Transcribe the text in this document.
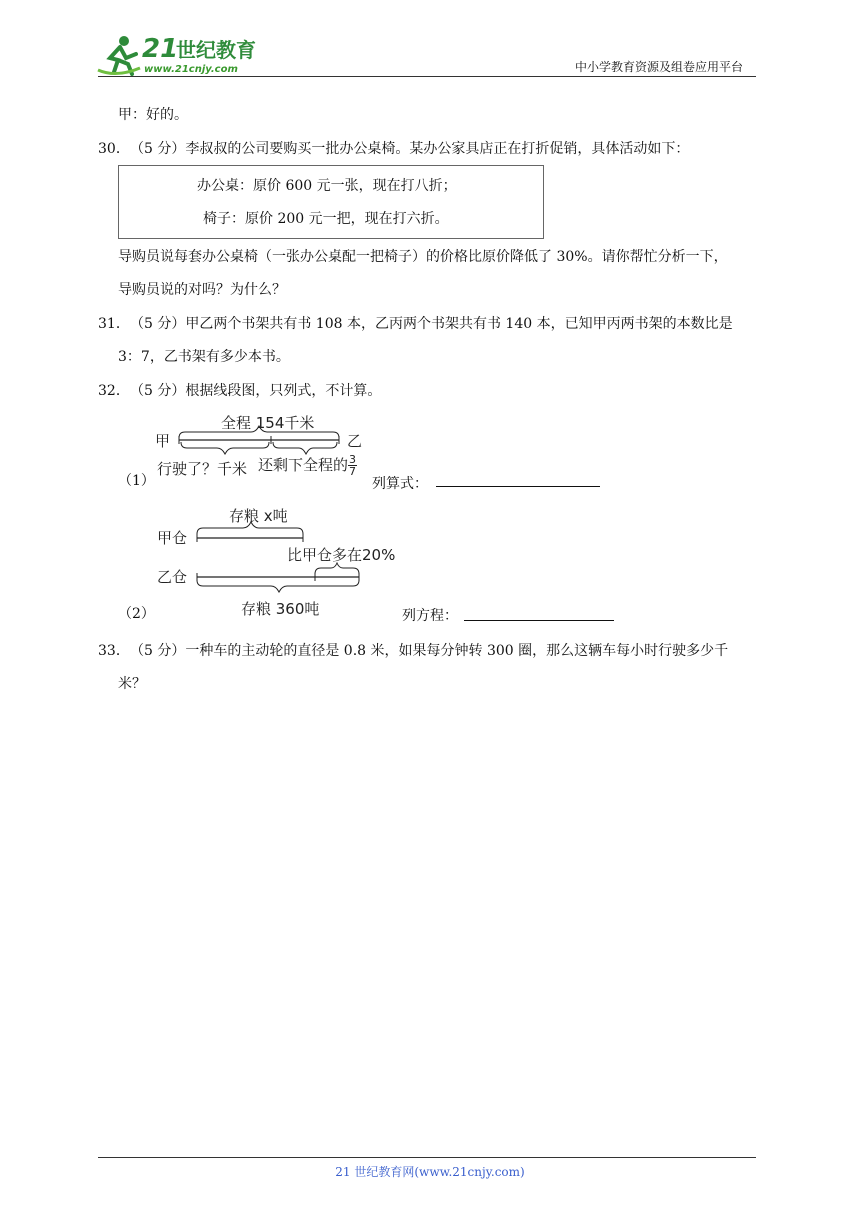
21
世纪教育
www.21cnjy.com	中小学教育资源及组卷应用平台
甲：好的。
30． （5 分）李叔叔的公司要购买一批办公桌椅。某办公家具店正在打折促销，具体活动如下：
办公桌：原价 600 元一张，现在打八折；
椅子：原价 200 元一把，现在打六折。
导购员说每套办公桌椅（一张办公桌配一把椅子）的价格比原价降低了 30%。请你帮忙分析一下，
导购员说的对吗？为什么？
31． （5 分）甲乙两个书架共有书 108 本，乙丙两个书架共有书 140 本，已知甲丙两书架的本数比是
3：7，乙书架有多少本书。
32． （5 分）根据线段图，只列式，不计算。
全程 154千米
甲	乙
行驶了？千米 还剩下全程的 $\frac{3}{7}$
（1）	列算式：
存粮 x吨
甲仓
比甲仓多在20%
乙仓
存粮 360吨
（2）	列方程：
33． （5 分）一种车的主动轮的直径是 0.8 米，如果每分钟转 300 圈，那么这辆车每小时行驶多少千
米？
21 世纪教育网(www.21cnjy.com)
